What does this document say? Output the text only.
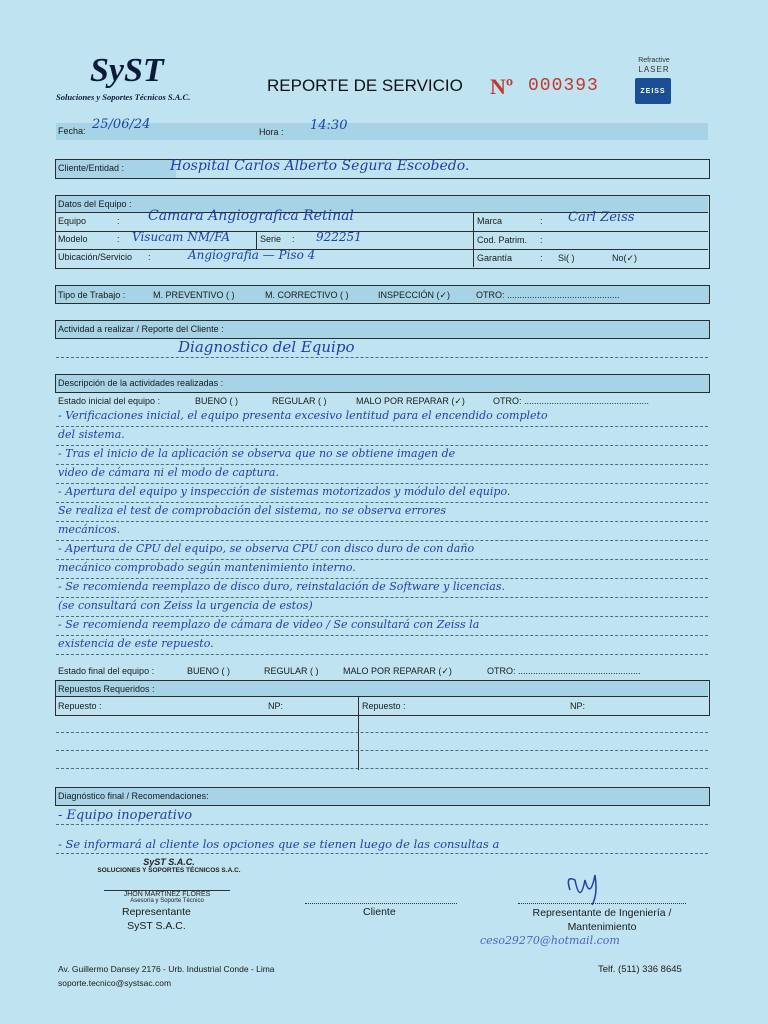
SyST
Soluciones y Soportes Técnicos S.A.C.
REPORTE DE SERVICIO Nº 000393
Refractive
LASER
ZEISS
Fecha: 25/06/24	Hora : 14:30
Cliente/Entidad :	Hospital Carlos Alberto Segura Escobedo.
Datos del Equipo :
Equipo	: Camara Angiografica Retinal	Marca	: Carl Zeiss
Modelo	: Visucam NM/FA	Serie : 922251	Cod. Patrim. :
Ubicación/Servicio :	Angiografia — Piso 4	Garantía	: Si( )	No(✓)
Tipo de Trabajo :	M. PREVENTIVO ( )	M. CORRECTIVO ( )	INSPECCIÓN (✓)	OTRO: .............................................
Actividad a realizar / Reporte del Cliente :
Diagnostico del Equipo
Descripción de la actividades realizadas :
Estado inicial del equipo :	BUENO ( )	REGULAR ( )	MALO POR REPARAR (✓)	OTRO: ..................................................
- Verificaciones inicial, el equipo presenta excesivo lentitud para el encendido completo
del sistema.
- Tras el inicio de la aplicación se observa que no se obtiene imagen de
video de cámara ni el modo de captura.
- Apertura del equipo y inspección de sistemas motorizados y módulo del equipo.
Se realiza el test de comprobación del sistema, no se observa errores
mecánicos.
- Apertura de CPU del equipo, se observa CPU con disco duro de con daño
mecánico comprobado según mantenimiento interno.
- Se recomienda reemplazo de disco duro, reinstalación de Software y licencias.
(se consultará con Zeiss la urgencia de estos)
- Se recomienda reemplazo de cámara de video / Se consultará con Zeiss la
existencia de este repuesto.
Estado final del equipo :	BUENO ( )	REGULAR ( )	MALO POR REPARAR (✓)	OTRO: .................................................
Repuestos Requeridos :
Repuesto :	NP:	Repuesto :	NP:
Diagnóstico final / Recomendaciones:
- Equipo inoperativo
- Se informará al cliente los opciones que se tienen luego de las consultas a
SyST S.A.C.
SOLUCIONES Y SOPORTES TÉCNICOS S.A.C.
JHON MARTINEZ FLORES
Asesoría y Soporte Técnico
Representante
SyST S.A.C.
Cliente	Representante de Ingeniería /
Mantenimiento
ceso29270@hotmail.com
Av. Guillermo Dansey 2176 - Urb. Industrial Conde - Lima
soporte.tecnico@systsac.com
Telf. (511) 336 8645
